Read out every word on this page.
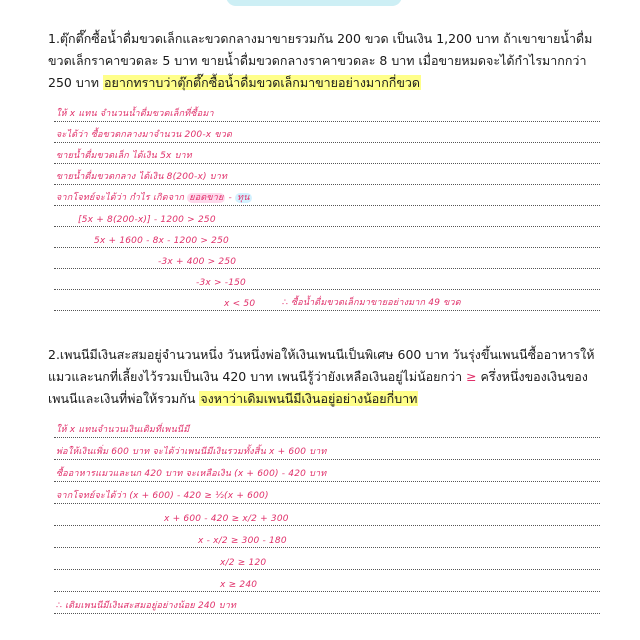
1.ตุ๊กตึ๊กซื้อน้ำดื่มขวดเล็กและขวดกลางมาขายรวมกัน 200 ขวด เป็นเงิน 1,200 บาท ถ้าเขาขายน้ำดื่มขวดเล็กราคาขวดละ 5 บาท ขายน้ำดื่มขวดกลางราคาขวดละ 8 บาท เมื่อขายหมดจะได้กำไรมากกว่า 250 บาท อยากทราบว่าตุ๊กตึ๊กซื้อน้ำดื่มขวดเล็กมาขายอย่างมากกี่ขวด
ให้ x แทน จำนวนน้ำดื่มขวดเล็กที่ซื้อมา
จะได้ว่า ซื้อขวดกลางมาจำนวน 200-x ขวด
ขายน้ำดื่มขวดเล็ก ได้เงิน 5x บาท
ขายน้ำดื่มขวดกลาง ได้เงิน 8(200-x) บาท
จากโจทย์จะได้ว่า กำไร เกิดจาก ยอดขาย - ทุน
[5x + 8(200-x)] - 1200 > 250
5x + 1600 - 8x - 1200 > 250
-3x + 400 > 250
-3x > -150
x < 50	∴ ซื้อน้ำดื่มขวดเล็กมาขายอย่างมาก 49 ขวด
2.เพนนีมีเงินสะสมอยู่จำนวนหนึ่ง วันหนึ่งพ่อให้เงินเพนนีเป็นพิเศษ 600 บาท วันรุ่งขึ้นเพนนีซื้ออาหารให้แมวและนกที่เลี้ยงไว้รวมเป็นเงิน 420 บาท เพนนีรู้ว่ายังเหลือเงินอยู่ไม่น้อยกว่า ≥ ครึ่งหนึ่งของเงินของเพนนีและเงินที่พ่อให้รวมกัน จงหาว่าเดิมเพนนีมีเงินอยู่อย่างน้อยกี่บาท
ให้ x แทนจำนวนเงินเดิมที่เพนนีมี
พ่อให้เงินเพิ่ม 600 บาท จะได้ว่าเพนนีมีเงินรวมทั้งสิ้น x + 600 บาท
ซื้ออาหารแมวและนก 420 บาท จะเหลือเงิน (x + 600) - 420 บาท
จากโจทย์จะได้ว่า (x + 600) - 420 ≥ ½(x + 600)
x + 600 - 420 ≥ x/2 + 300
x - x/2 ≥ 300 - 180
x/2 ≥ 120
x ≥ 240
∴ เดิมเพนนีมีเงินสะสมอยู่อย่างน้อย 240 บาท
